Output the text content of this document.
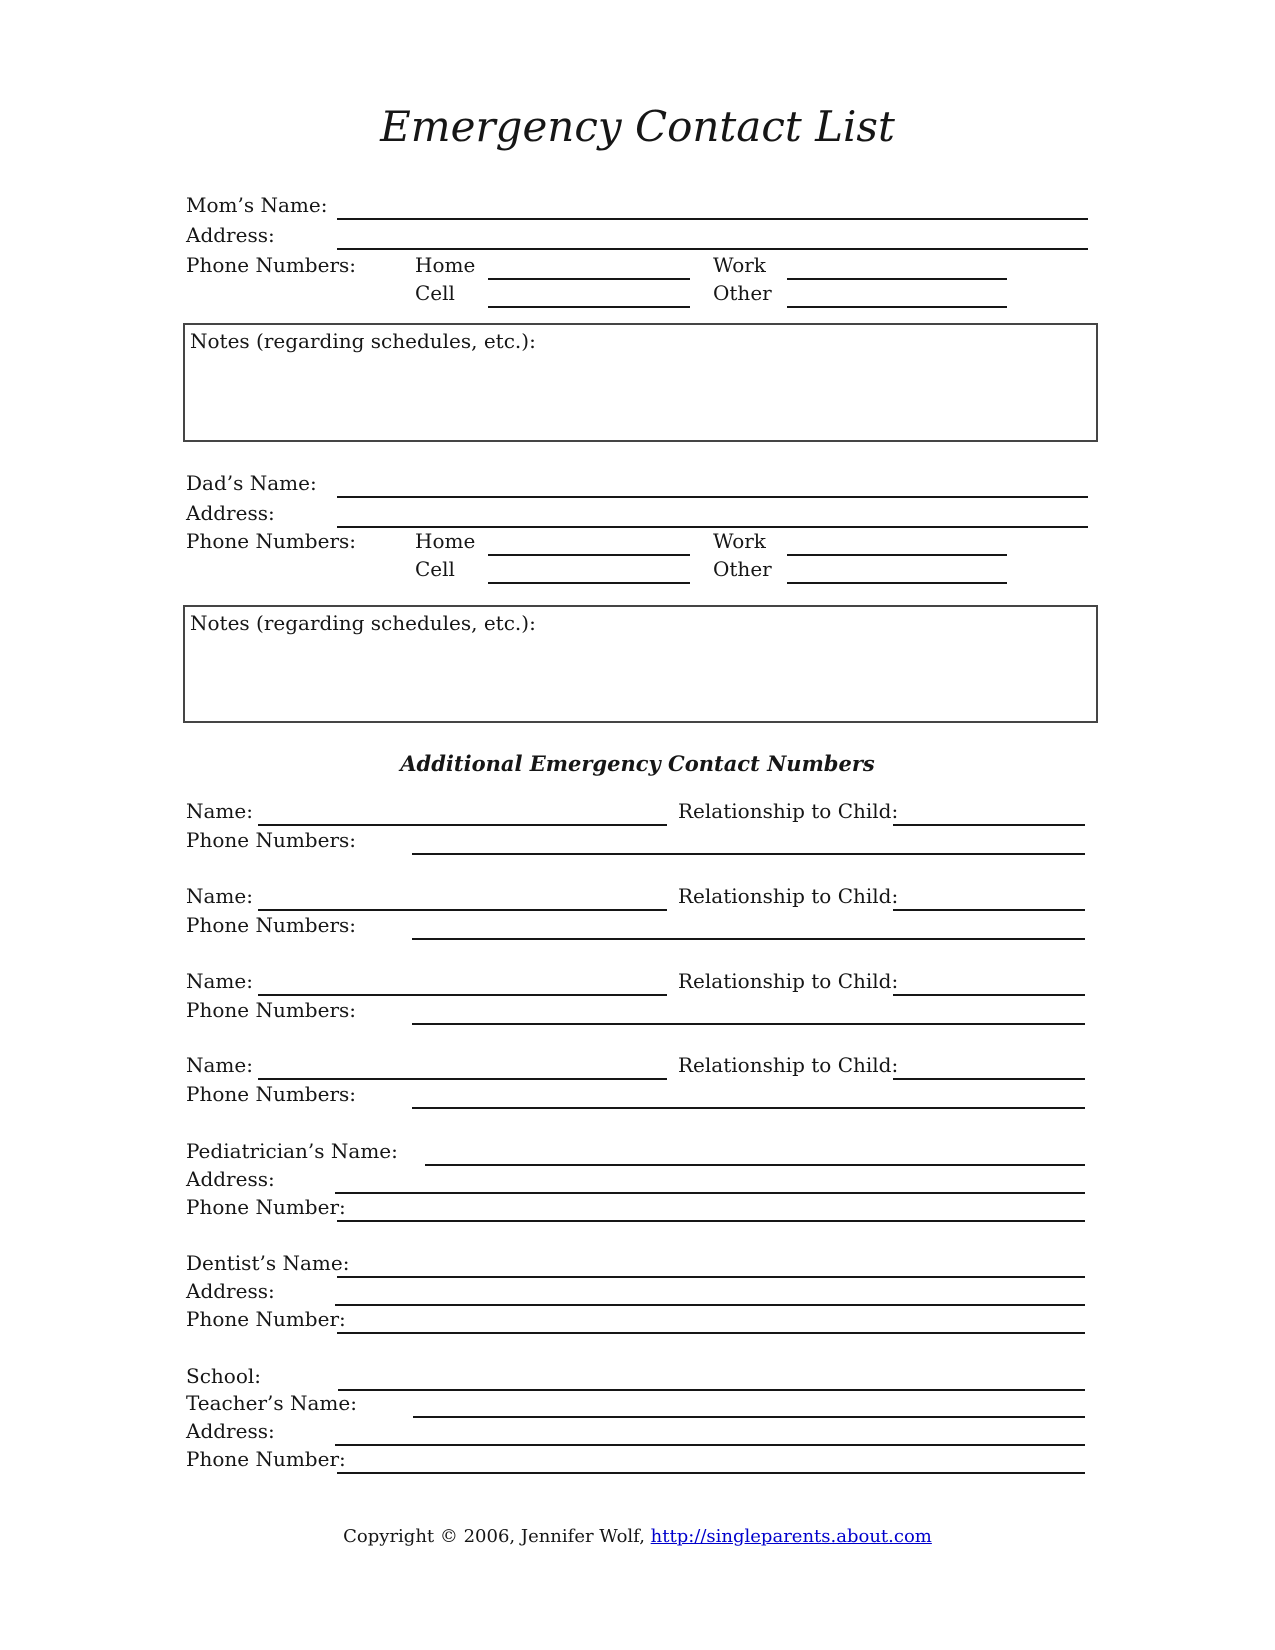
Emergency Contact List
Mom’s Name:
Address:
Phone Numbers:	Home	Work
Cell	Other
Notes (regarding schedules, etc.):
Dad’s Name:
Address:
Phone Numbers:	Home	Work
Cell	Other
Notes (regarding schedules, etc.):
Additional Emergency Contact Numbers
Name:	Relationship to Child:
Phone Numbers:
Name:	Relationship to Child:
Phone Numbers:
Name:	Relationship to Child:
Phone Numbers:
Name:	Relationship to Child:
Phone Numbers:
Pediatrician’s Name:
Address:
Phone Number:
Dentist’s Name:
Address:
Phone Number:
School:
Teacher’s Name:
Address:
Phone Number:
Copyright © 2006, Jennifer Wolf, http://singleparents.about.com
